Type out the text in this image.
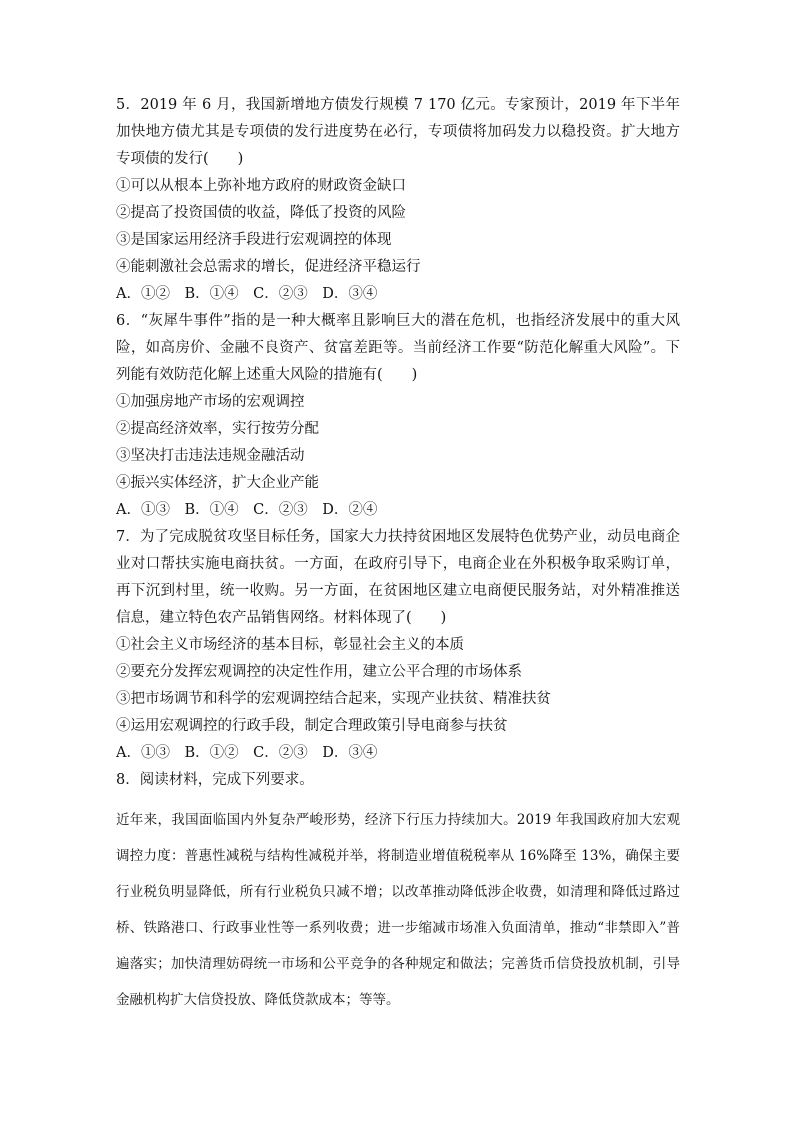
5．2019 年 6 月，我国新增地方债发行规模 7 170 亿元。专家预计，2019 年下半年加快地方债尤其是专项债的发行进度势在必行，专项债将加码发力以稳投资。扩大地方专项债的发行(　　)
①可以从根本上弥补地方政府的财政资金缺口
②提高了投资国债的收益，降低了投资的风险
③是国家运用经济手段进行宏观调控的体现
④能刺激社会总需求的增长，促进经济平稳运行
A．①②　B．①④　C．②③　D．③④
6．“灰犀牛事件”指的是一种大概率且影响巨大的潜在危机，也指经济发展中的重大风险，如高房价、金融不良资产、贫富差距等。当前经济工作要“防范化解重大风险”。下列能有效防范化解上述重大风险的措施有(　　)
①加强房地产市场的宏观调控
②提高经济效率，实行按劳分配
③坚决打击违法违规金融活动
④振兴实体经济，扩大企业产能
A．①③　B．①④　C．②③　D．②④
7．为了完成脱贫攻坚目标任务，国家大力扶持贫困地区发展特色优势产业，动员电商企业对口帮扶实施电商扶贫。一方面，在政府引导下，电商企业在外积极争取采购订单，再下沉到村里，统一收购。另一方面，在贫困地区建立电商便民服务站，对外精准推送信息，建立特色农产品销售网络。材料体现了(　　)
①社会主义市场经济的基本目标，彰显社会主义的本质
②要充分发挥宏观调控的决定性作用，建立公平合理的市场体系
③把市场调节和科学的宏观调控结合起来，实现产业扶贫、精准扶贫
④运用宏观调控的行政手段，制定合理政策引导电商参与扶贫
A．①③　B．①②　C．②③　D．③④
8．阅读材料，完成下列要求。
近年来，我国面临国内外复杂严峻形势，经济下行压力持续加大。2019 年我国政府加大宏观调控力度：普惠性减税与结构性减税并举，将制造业增值税税率从 16%降至 13%，确保主要行业税负明显降低，所有行业税负只减不增；以改革推动降低涉企收费，如清理和降低过路过桥、铁路港口、行政事业性等一系列收费；进一步缩减市场准入负面清单，推动“非禁即入”普遍落实；加快清理妨碍统一市场和公平竞争的各种规定和做法；完善货币信贷投放机制，引导金融机构扩大信贷投放、降低贷款成本；等等。
